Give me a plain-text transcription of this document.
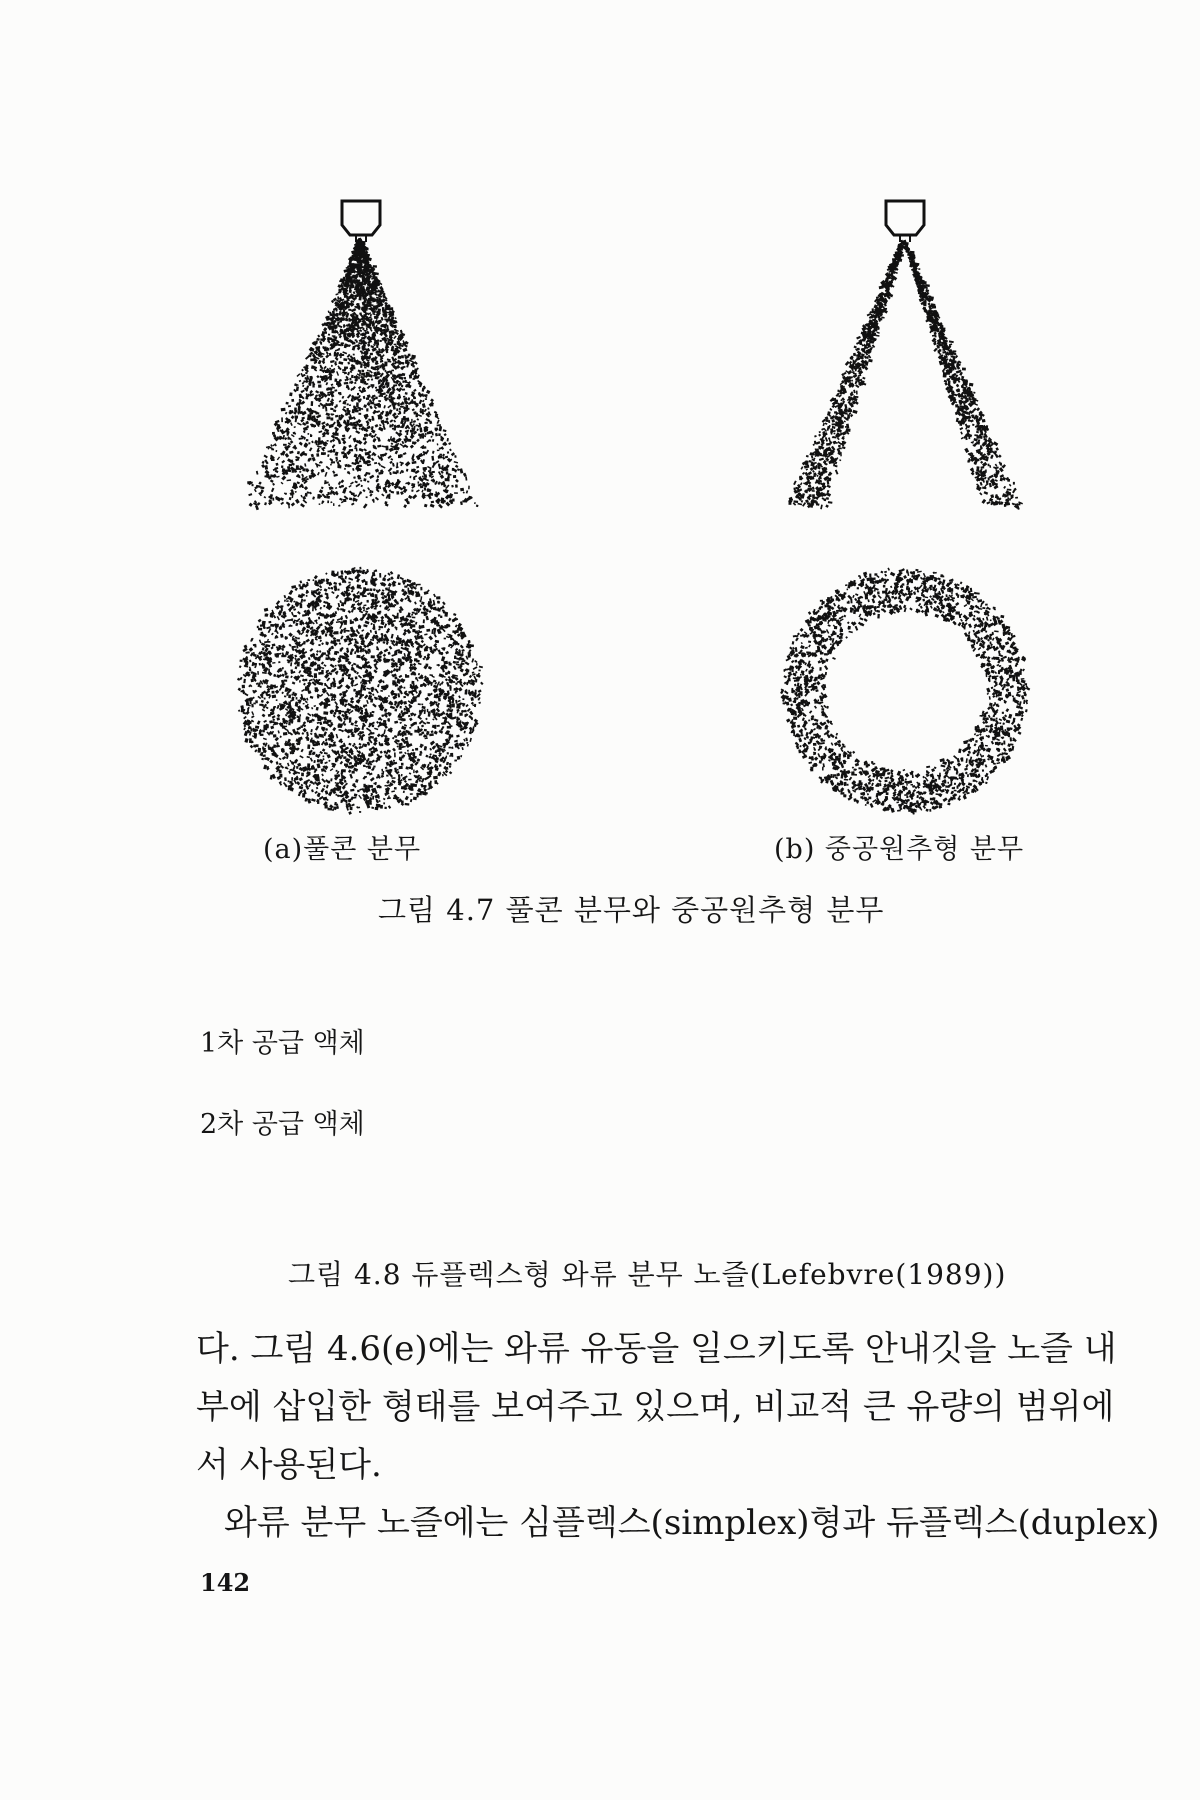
(a)풀콘 분무	(b) 중공원추형 분무
그림 4.7 풀콘 분무와 중공원추형 분무
1차 공급 액체
2차 공급 액체
그림 4.8 듀플렉스형 와류 분무 노즐(Lefebvre(1989))
다. 그림 4.6(e)에는 와류 유동을 일으키도록 안내깃을 노즐 내
부에 삽입한 형태를 보여주고 있으며, 비교적 큰 유량의 범위에
서 사용된다.
와류 분무 노즐에는 심플렉스(simplex)형과 듀플렉스(duplex)
142
